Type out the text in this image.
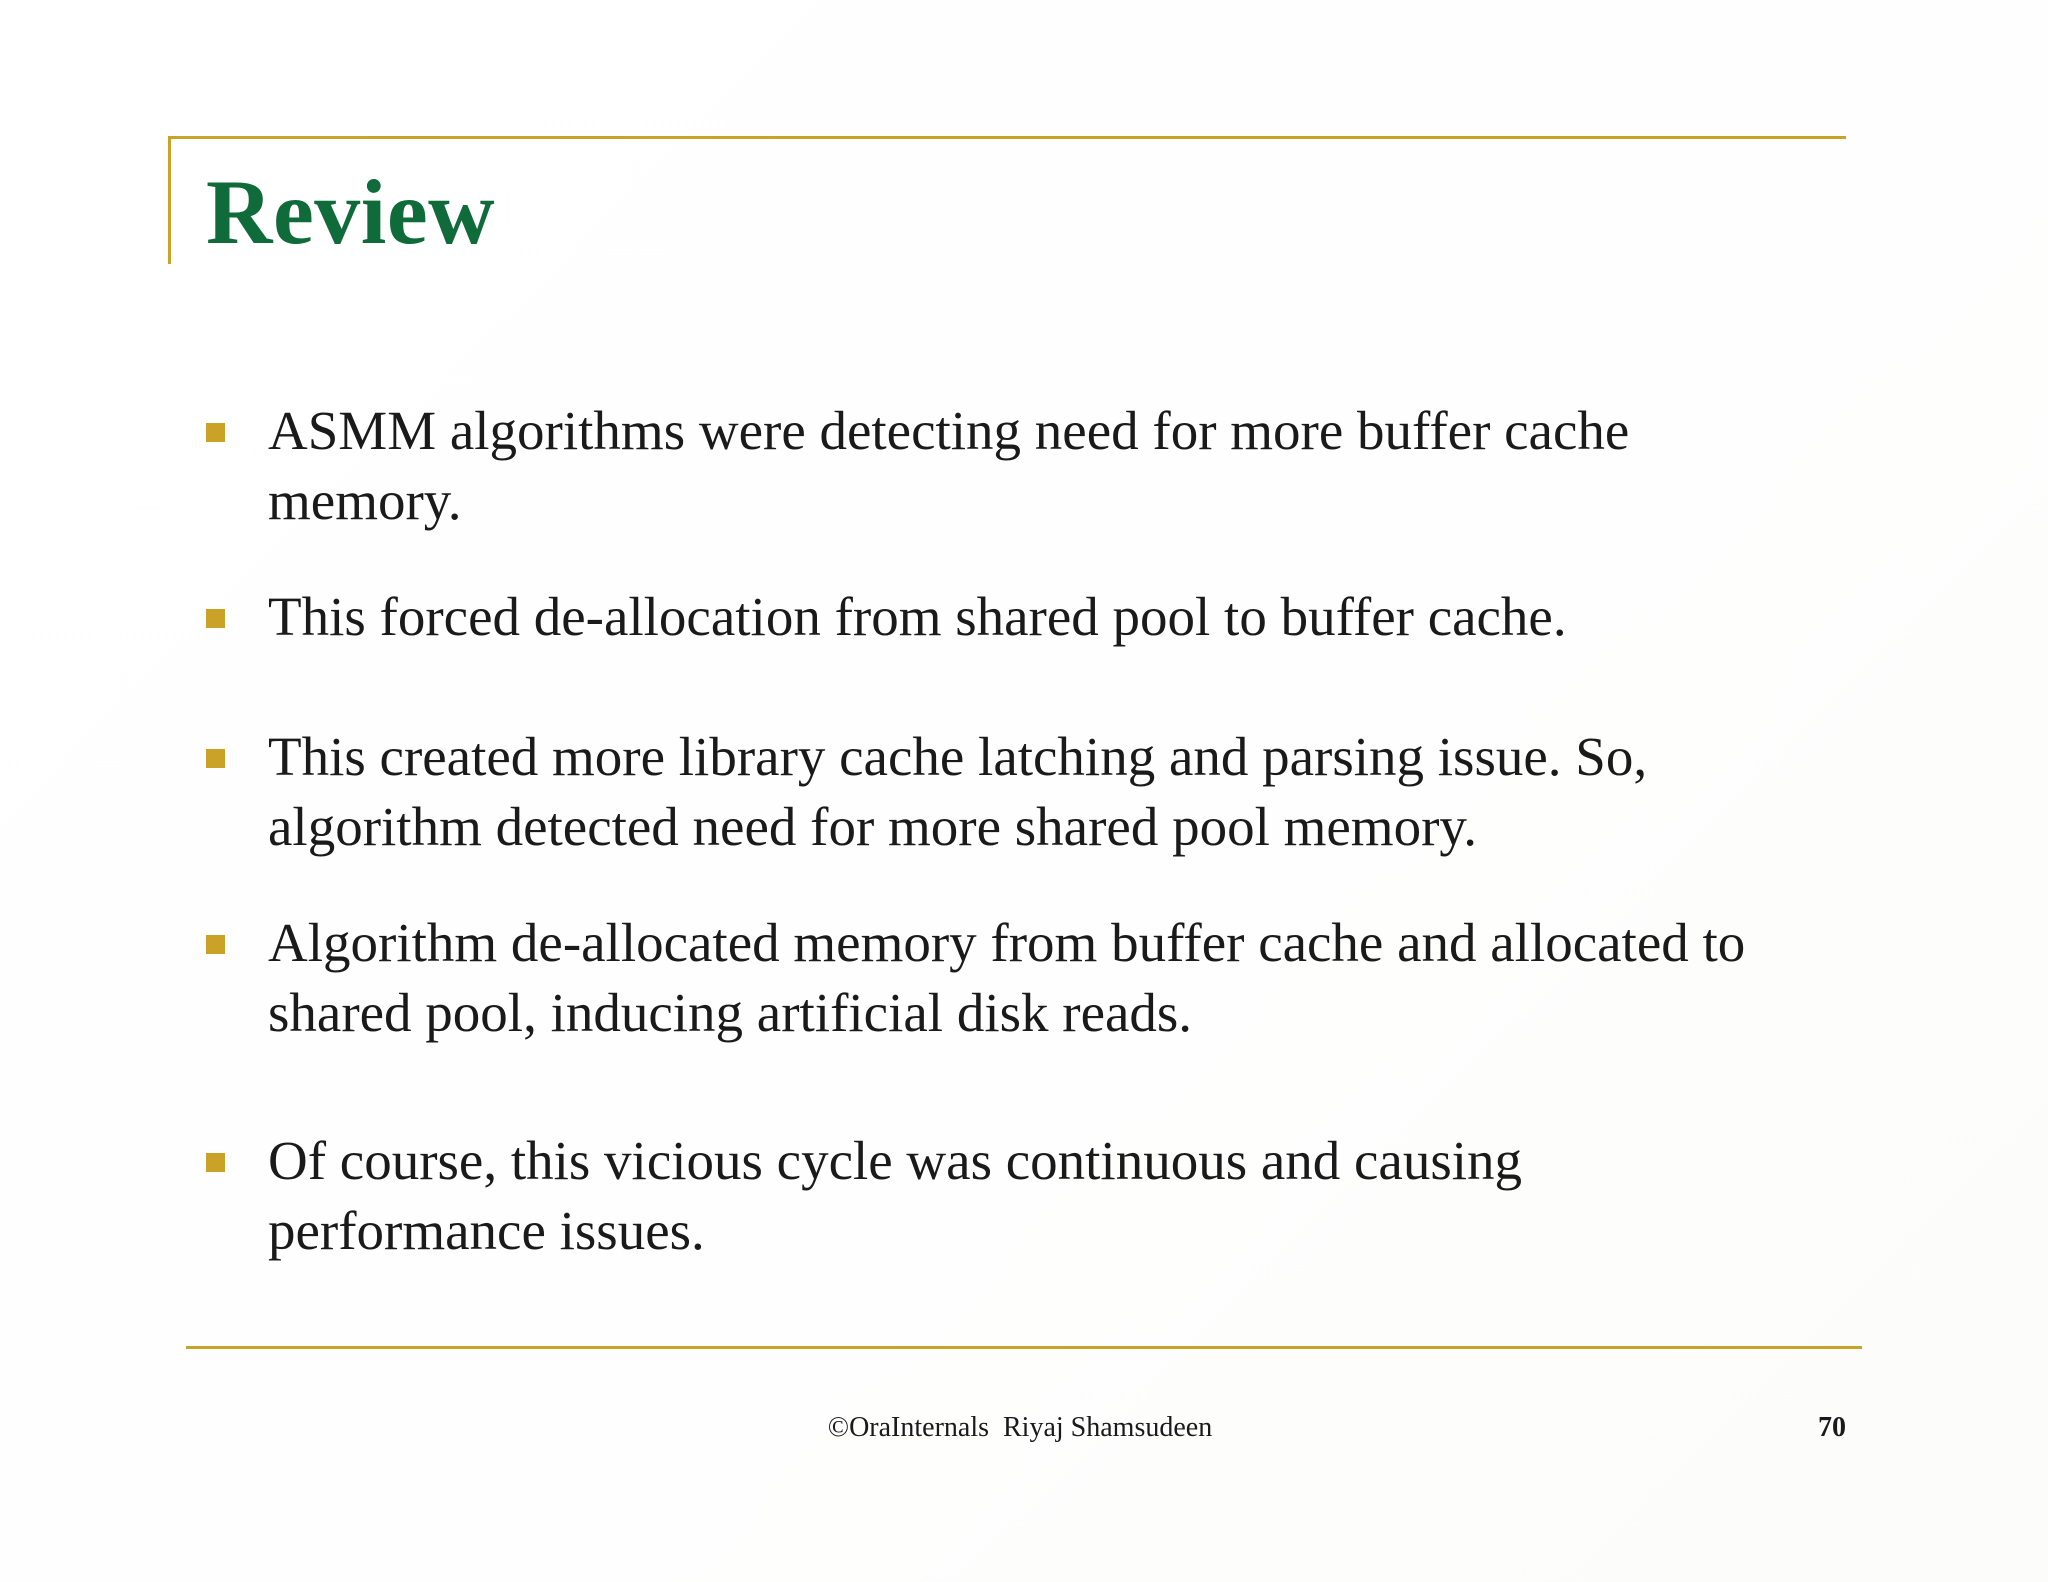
Review
ASMM algorithms were detecting need for more buffer cache memory.
This forced de-allocation from shared pool to buffer cache.
This created more library cache latching and parsing issue. So, algorithm detected need for more shared pool memory.
Algorithm de-allocated memory from buffer cache and allocated to shared pool, inducing artificial disk reads.
Of course, this vicious cycle was continuous and causing performance issues.
©OraInternals  Riyaj Shamsudeen	70
